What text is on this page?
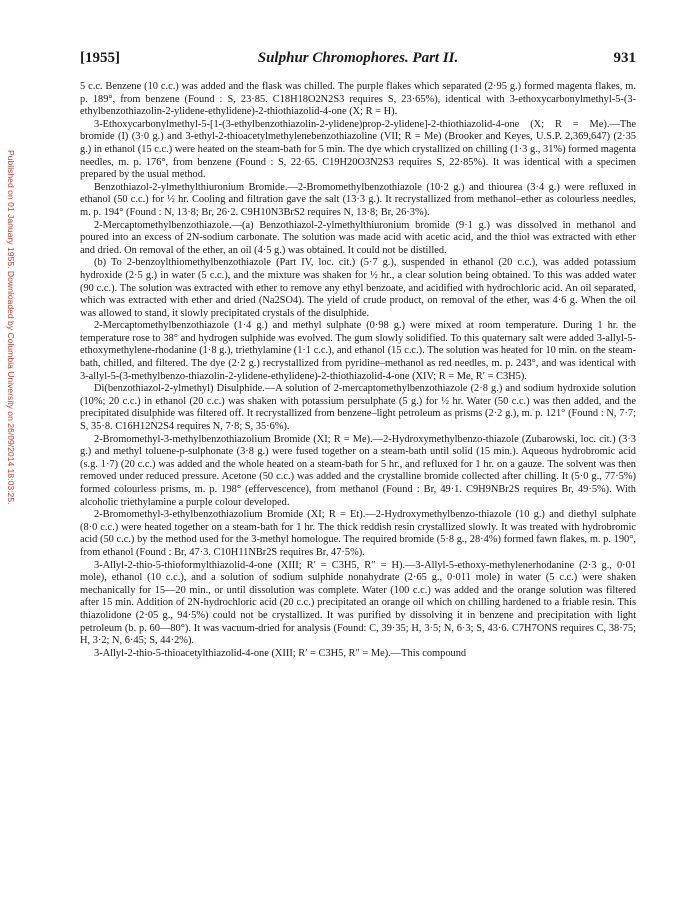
Published on 01 January 1955. Downloaded by Columbia University on 26/09/2014 18:03:25.
[1955]	Sulphur Chromophores. Part II.	931

5 c.c. Benzene (10 c.c.) was added and the flask was chilled. The purple flakes which separated (2·95 g.) formed magenta flakes, m. p. 189°, from benzene (Found : S, 23·85. C18H18O2N2S3 requires S, 23·65%), identical with 3-ethoxycarbonylmethyl-5-(3-ethylbenzothiazolin-2-ylidene-ethylidene)-2-thiothiazolid-4-one (X; R = H).

3-Ethoxycarbonylmethyl-5-[1-(3-ethylbenzothiazolin-2-ylidene)prop-2-ylidene]-2-thiothiazolid-4-one (X; R = Me).—The bromide (I) (3·0 g.) and 3-ethyl-2-thioacetylmethylenebenzothiazoline (VII; R = Me) (Brooker and Keyes, U.S.P. 2,369,647) (2·35 g.) in ethanol (15 c.c.) were heated on the steam-bath for 5 min. The dye which crystallized on chilling (1·3 g., 31%) formed magenta needles, m. p. 176°, from benzene (Found : S, 22·65. C19H20O3N2S3 requires S, 22·85%). It was identical with a specimen prepared by the usual method.

Benzothiazol-2-ylmethylthiuronium Bromide.—2-Bromomethylbenzothiazole (10·2 g.) and thiourea (3·4 g.) were refluxed in ethanol (50 c.c.) for ½ hr. Cooling and filtration gave the salt (13·3 g.). It recrystallized from methanol–ether as colourless needles, m. p. 194° (Found : N, 13·8; Br, 26·2. C9H10N3BrS2 requires N, 13·8; Br, 26·3%).

2-Mercaptomethylbenzothiazole.—(a) Benzothiazol-2-ylmethylthiuronium bromide (9·1 g.) was dissolved in methanol and poured into an excess of 2N-sodium carbonate. The solution was made acid with acetic acid, and the thiol was extracted with ether and dried. On removal of the ether, an oil (4·5 g.) was obtained. It could not be distilled.

(b) To 2-benzoylthiomethylbenzothiazole (Part IV, loc. cit.) (5·7 g.), suspended in ethanol (20 c.c.), was added potassium hydroxide (2·5 g.) in water (5 c.c.), and the mixture was shaken for ½ hr., a clear solution being obtained. To this was added water (90 c.c.). The solution was extracted with ether to remove any ethyl benzoate, and acidified with hydrochloric acid. An oil separated, which was extracted with ether and dried (Na2SO4). The yield of crude product, on removal of the ether, was 4·6 g. When the oil was allowed to stand, it slowly precipitated crystals of the disulphide.

2-Mercaptomethylbenzothiazole (1·4 g.) and methyl sulphate (0·98 g.) were mixed at room temperature. During 1 hr. the temperature rose to 38° and hydrogen sulphide was evolved. The gum slowly solidified. To this quaternary salt were added 3-allyl-5-ethoxymethylene-rhodanine (1·8 g.), triethylamine (1·1 c.c.), and ethanol (15 c.c.). The solution was heated for 10 min. on the steam-bath, chilled, and filtered. The dye (2·2 g.) recrystallized from pyridine–methanol as red needles, m. p. 243°, and was identical with 3-allyl-5-(3-methylbenzo-thiazolin-2-ylidene-ethylidene)-2-thiothiazolid-4-one (XIV; R = Me, R′ = C3H5).

Di(benzothiazol-2-ylmethyl) Disulphide.—A solution of 2-mercaptomethylbenzothiazole (2·8 g.) and sodium hydroxide solution (10%; 20 c.c.) in ethanol (20 c.c.) was shaken with potassium persulphate (5 g.) for ½ hr. Water (50 c.c.) was then added, and the precipitated disulphide was filtered off. It recrystallized from benzene–light petroleum as prisms (2·2 g.), m. p. 121° (Found : N, 7·7; S, 35·8. C16H12N2S4 requires N, 7·8; S, 35·6%).

2-Bromomethyl-3-methylbenzothiazolium Bromide (XI; R = Me).—2-Hydroxymethylbenzo-thiazole (Zubarowski, loc. cit.) (3·3 g.) and methyl toluene-p-sulphonate (3·8 g.) were fused together on a steam-bath until solid (15 min.). Aqueous hydrobromic acid (s.g. 1·7) (20 c.c.) was added and the whole heated on a steam-bath for 5 hr., and refluxed for 1 hr. on a gauze. The solvent was then removed under reduced pressure. Acetone (50 c.c.) was added and the crystalline bromide collected after chilling. It (5·0 g., 77·5%) formed colourless prisms, m. p. 198° (effervescence), from methanol (Found : Br, 49·1. C9H9NBr2S requires Br, 49·5%). With alcoholic triethylamine a purple colour developed.

2-Bromomethyl-3-ethylbenzothiazolium Bromide (XI; R = Et).—2-Hydroxymethylbenzo-thiazole (10 g.) and diethyl sulphate (8·0 c.c.) were heated together on a steam-bath for 1 hr. The thick reddish resin crystallized slowly. It was treated with hydrobromic acid (50 c.c.) by the method used for the 3-methyl homologue. The required bromide (5·8 g., 28·4%) formed fawn flakes, m. p. 190°, from ethanol (Found : Br, 47·3. C10H11NBr2S requires Br, 47·5%).

3-Allyl-2-thio-5-thioformylthiazolid-4-one (XIII; R′ = C3H5, R″ = H).—3-Allyl-5-ethoxy-methylenerhodanine (2·3 g., 0·01 mole), ethanol (10 c.c.), and a solution of sodium sulphide nonahydrate (2·65 g., 0·011 mole) in water (5 c.c.) were shaken mechanically for 15—20 min., or until dissolution was complete. Water (100 c.c.) was added and the orange solution was filtered after 15 min. Addition of 2N-hydrochloric acid (20 c.c.) precipitated an orange oil which on chilling hardened to a friable resin. This thiazolidone (2·05 g., 94·5%) could not be crystallized. It was purified by dissolving it in benzene and precipitation with light petroleum (b. p. 60—80°). It was vacuum-dried for analysis (Found: C, 39·35; H, 3·5; N, 6·3; S, 43·6. C7H7ONS requires C, 38·75; H, 3·2; N, 6·45; S, 44·2%).

3-Allyl-2-thio-5-thioacetylthiazolid-4-one (XIII; R′ = C3H5, R″ = Me).—This compound
